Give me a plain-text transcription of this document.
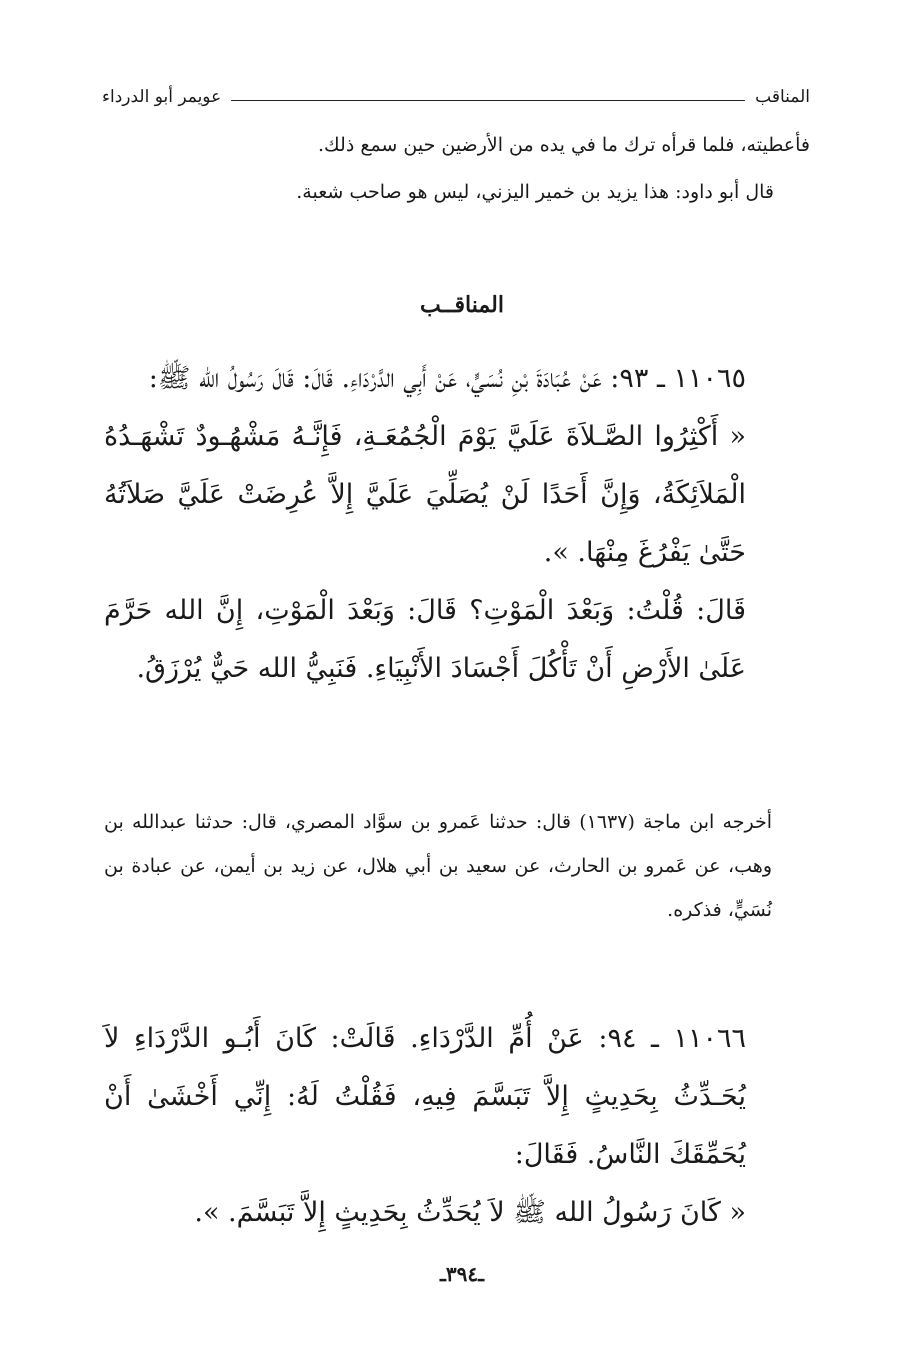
المناقب
عويمر أبو الدرداء

فأعطيته، فلما قرأه ترك ما في يده من الأرضين حين سمع ذلك.

قال أبو داود: هذا يزيد بن خمير اليزني، ليس هو صاحب شعبة.

المناقــب

١١٠٦٥ ـ ٩٣: عَنْ عُبَادَةَ بْنِ نُسَيٍّ، عَنْ أَبِي الدَّرْدَاءِ. قَالَ: قَالَ رَسُولُ الله ﷺ:

« أَكْثِرُوا الصَّـلاَةَ عَلَيَّ يَوْمَ الْجُمُعَـةِ، فَإِنَّـهُ مَشْهُـودٌ تَشْهَـدُهُ الْمَلاَئِكَةُ، وَإِنَّ أَحَدًا لَنْ يُصَلِّيَ عَلَيَّ إِلاَّ عُرِضَتْ عَلَيَّ صَلاَتُهُ حَتَّىٰ يَفْرُغَ مِنْهَا. ».

قَالَ: قُلْتُ: وَبَعْدَ الْمَوْتِ؟ قَالَ: وَبَعْدَ الْمَوْتِ، إِنَّ الله حَرَّمَ عَلَىٰ الأَرْضِ أَنْ تَأْكُلَ أَجْسَادَ الأَنْبِيَاءِ. فَنَبِيُّ الله حَيٌّ يُرْزَقُ.

أخرجه ابن ماجة (١٦٣٧) قال: حدثنا عَمرو بن سوَّاد المصري، قال: حدثنا عبدالله بن وهب، عن عَمرو بن الحارث، عن سعيد بن أبي هلال، عن زيد بن أيمن، عن عبادة بن نُسَيٍّ، فذكره.

١١٠٦٦ ـ ٩٤: عَنْ أُمِّ الدَّرْدَاءِ. قَالَتْ: كَانَ أَبُـو الدَّرْدَاءِ لاَ يُحَـدِّثُ بِحَدِيثٍ إِلاَّ تَبَسَّمَ فِيهِ، فَقُلْتُ لَهُ: إِنِّي أَخْشَىٰ أَنْ يُحَمِّقَكَ النَّاسُ. فَقَالَ:

« كَانَ رَسُولُ الله ﷺ لاَ يُحَدِّثُ بِحَدِيثٍ إِلاَّ تَبَسَّمَ. ».

ـ٣٩٤ـ
